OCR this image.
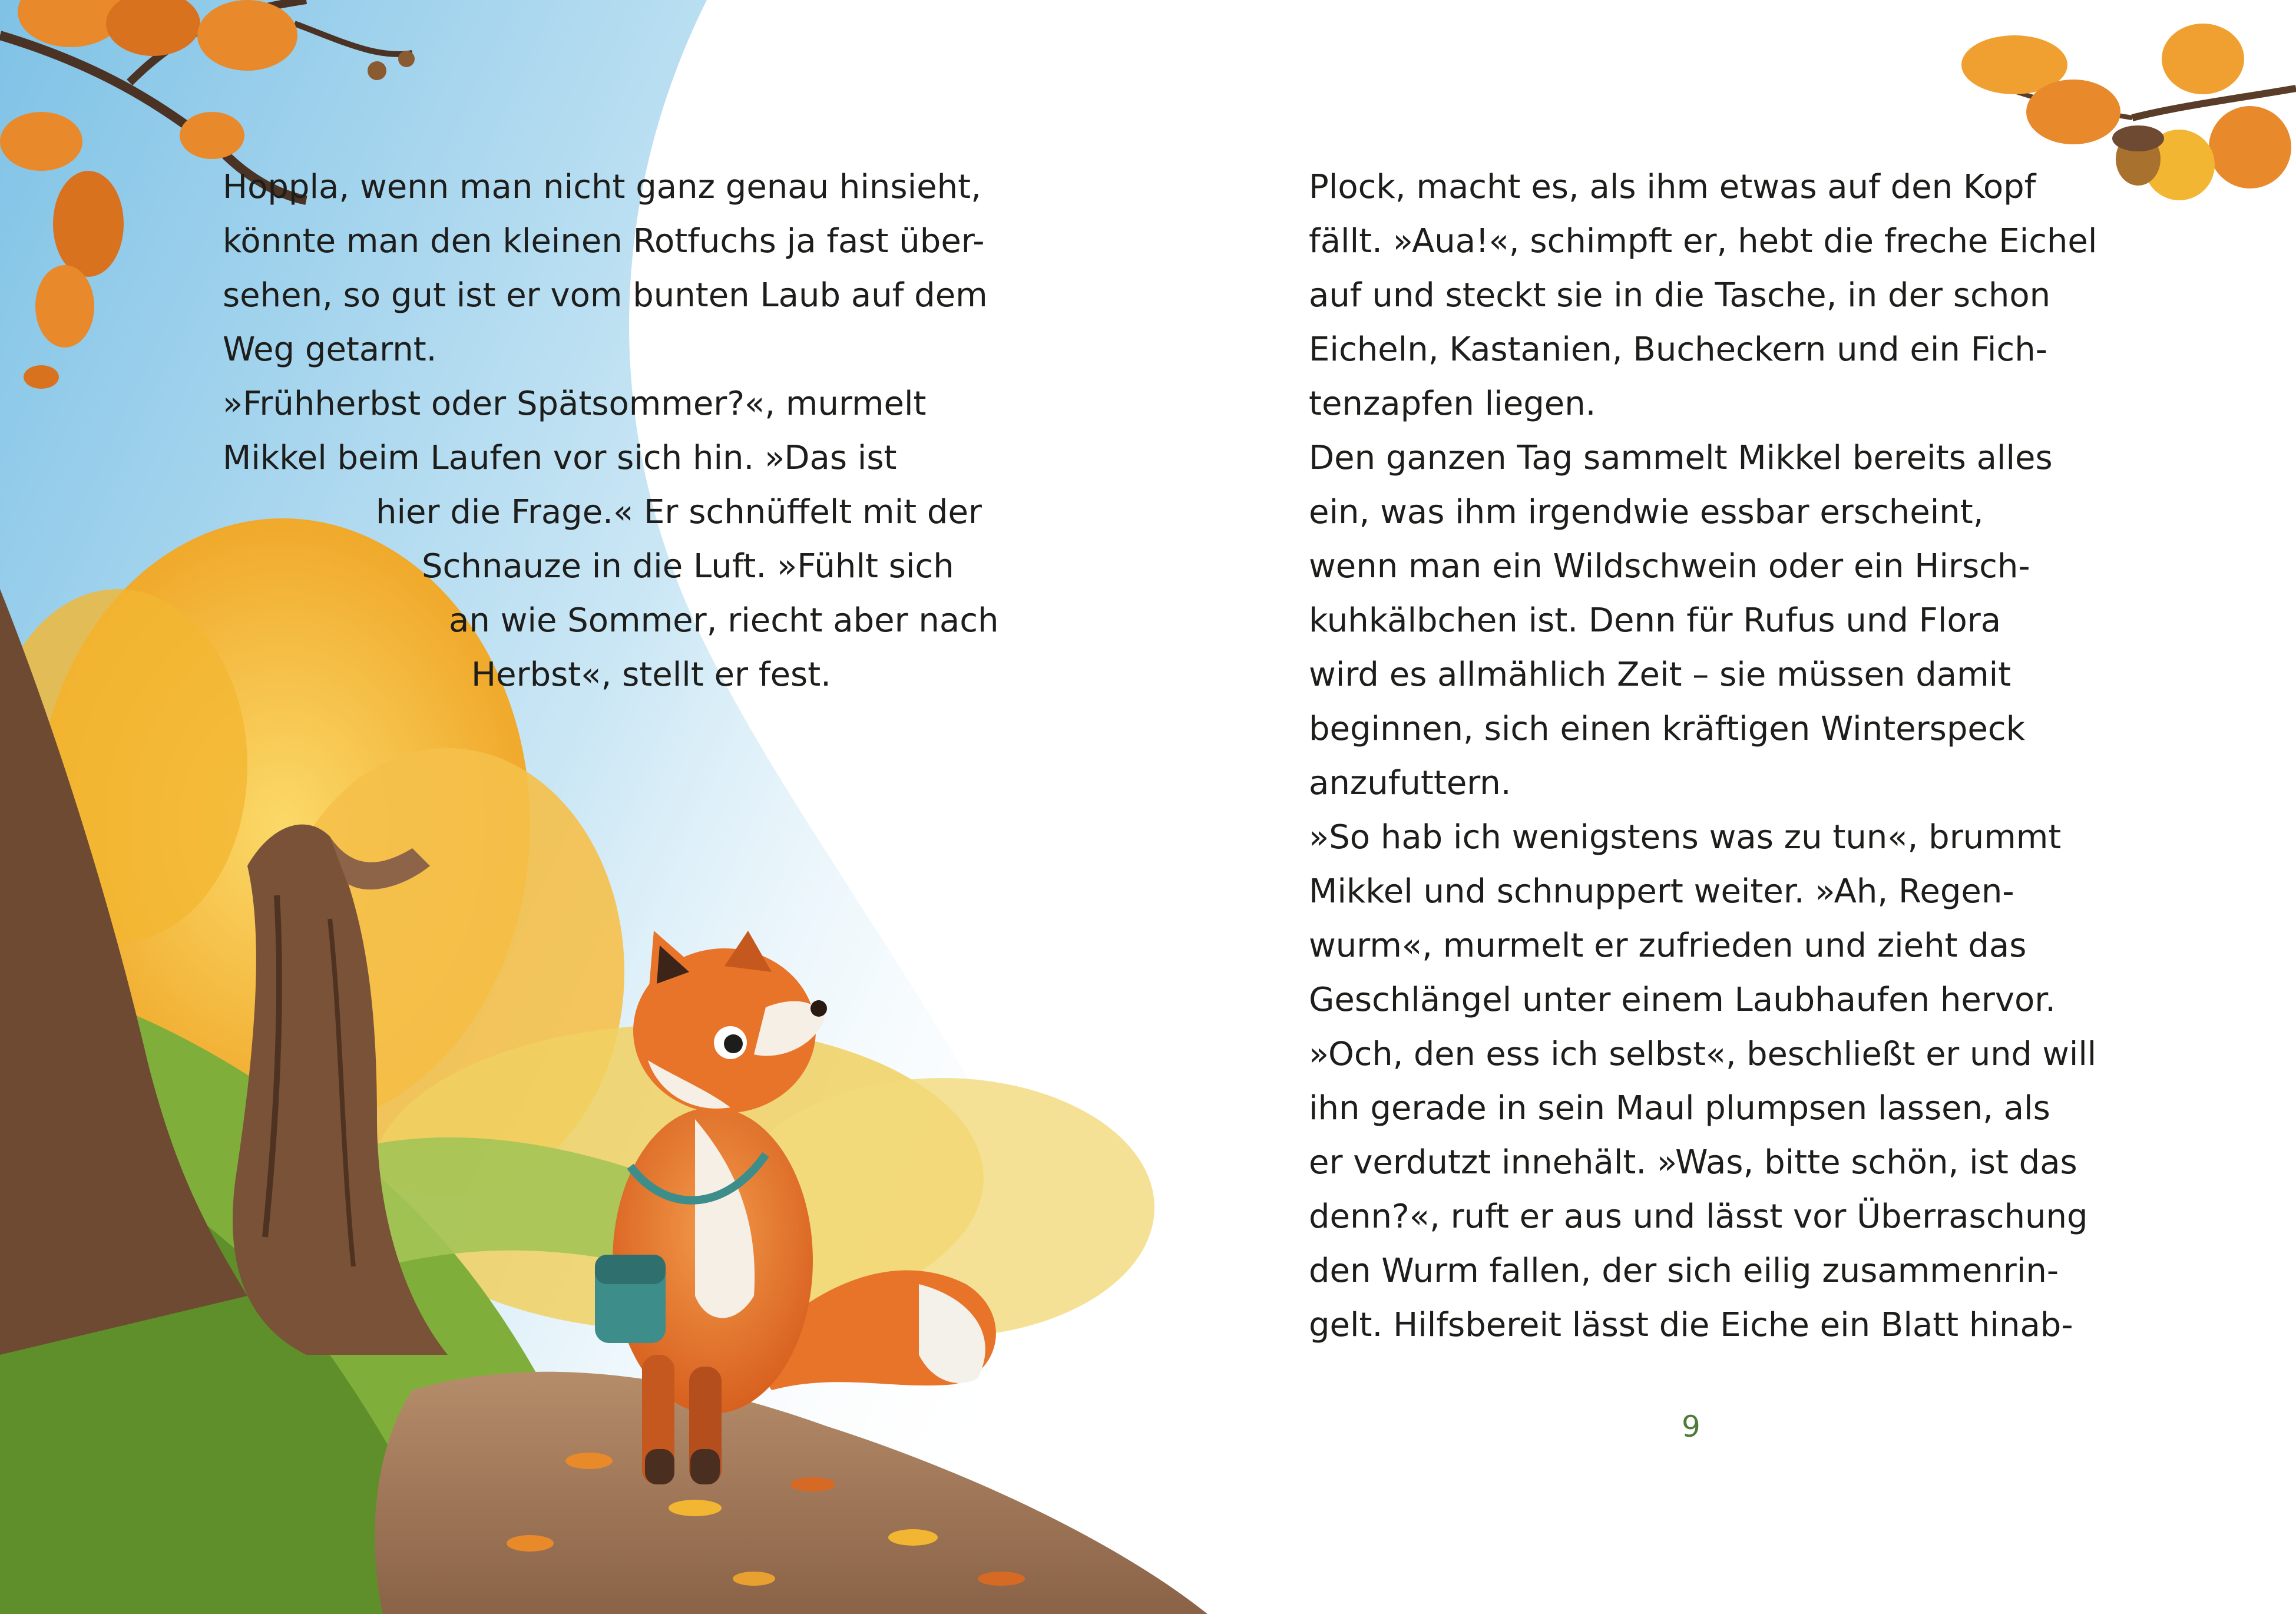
Hoppla, wenn man nicht ganz genau hinsieht,
könnte man den kleinen Rotfuchs ja fast über-
sehen, so gut ist er vom bunten Laub auf dem
Weg getarnt.
»Frühherbst oder Spätsommer?«, murmelt
Mikkel beim Laufen vor sich hin. »Das ist
hier die Frage.« Er schnüffelt mit der
Schnauze in die Luft. »Fühlt sich
an wie Sommer, riecht aber nach
Herbst«, stellt er fest.
Plock, macht es, als ihm etwas auf den Kopf
fällt. »Aua!«, schimpft er, hebt die freche Eichel
auf und steckt sie in die Tasche, in der schon
Eicheln, Kastanien, Bucheckern und ein Fich-
tenzapfen liegen.
Den ganzen Tag sammelt Mikkel bereits alles
ein, was ihm irgendwie essbar erscheint,
wenn man ein Wildschwein oder ein Hirsch-
kuhkälbchen ist. Denn für Rufus und Flora
wird es allmählich Zeit – sie müssen damit
beginnen, sich einen kräftigen Winterspeck
anzufuttern.
»So hab ich wenigstens was zu tun«, brummt
Mikkel und schnuppert weiter. »Ah, Regen-
wurm«, murmelt er zufrieden und zieht das
Geschlängel unter einem Laubhaufen hervor.
»Och, den ess ich selbst«, beschließt er und will
ihn gerade in sein Maul plumpsen lassen, als
er verdutzt innehält. »Was, bitte schön, ist das
denn?«, ruft er aus und lässt vor Überraschung
den Wurm fallen, der sich eilig zusammenrin-
gelt. Hilfsbereit lässt die Eiche ein Blatt hinab-
9
